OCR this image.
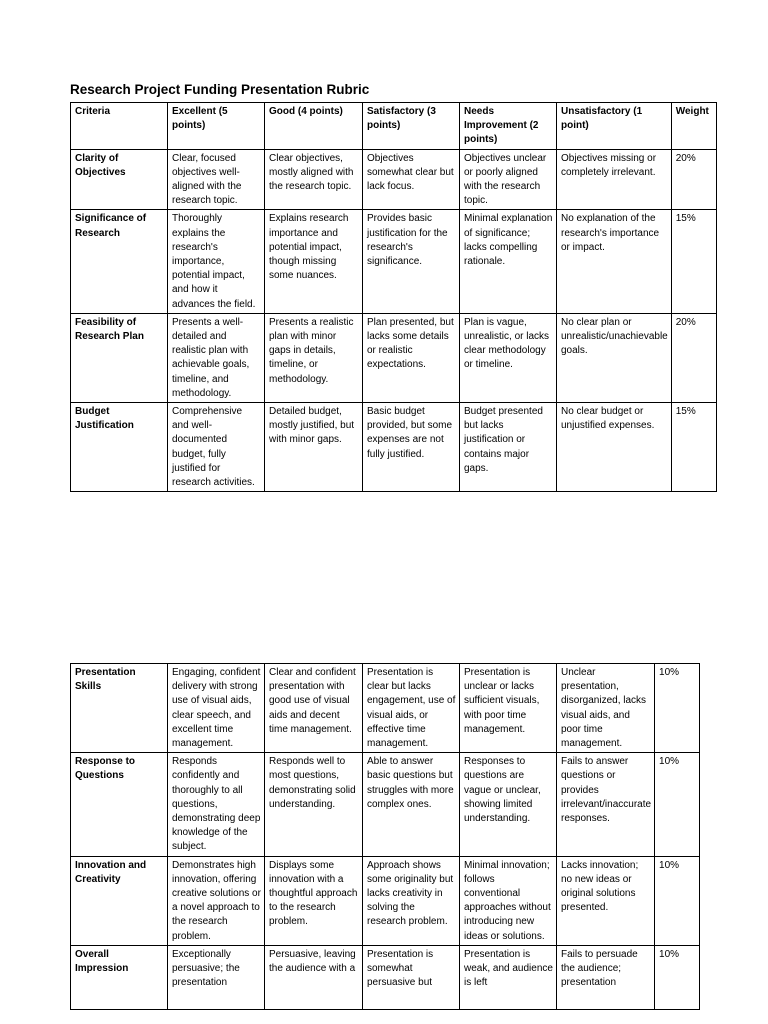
Research Project Funding Presentation Rubric
Criteria	Excellent (5 points)	Good (4 points)	Satisfactory (3 points)	Needs Improvement (2 points)	Unsatisfactory (1 point)	Weight
Clarity of Objectives	Clear, focused objectives well-aligned with the research topic.	Clear objectives, mostly aligned with the research topic.	Objectives somewhat clear but lack focus.	Objectives unclear or poorly aligned with the research topic.	Objectives missing or completely irrelevant.	20%
Significance of Research	Thoroughly explains the research's importance, potential impact, and how it advances the field.	Explains research importance and potential impact, though missing some nuances.	Provides basic justification for the research's significance.	Minimal explanation of significance; lacks compelling rationale.	No explanation of the research's importance or impact.	15%
Feasibility of Research Plan	Presents a well-detailed and realistic plan with achievable goals, timeline, and methodology.	Presents a realistic plan with minor gaps in details, timeline, or methodology.	Plan presented, but lacks some details or realistic expectations.	Plan is vague, unrealistic, or lacks clear methodology or timeline.	No clear plan or unrealistic/unachievable goals.	20%
Budget Justification	Comprehensive and well-documented budget, fully justified for research activities.	Detailed budget, mostly justified, but with minor gaps.	Basic budget provided, but some expenses are not fully justified.	Budget presented but lacks justification or contains major gaps.	No clear budget or unjustified expenses.	15%
Presentation Skills	Engaging, confident delivery with strong use of visual aids, clear speech, and excellent time management.	Clear and confident presentation with good use of visual aids and decent time management.	Presentation is clear but lacks engagement, use of visual aids, or effective time management.	Presentation is unclear or lacks sufficient visuals, with poor time management.	Unclear presentation, disorganized, lacks visual aids, and poor time management.	10%
Response to Questions	Responds confidently and thoroughly to all questions, demonstrating deep knowledge of the subject.	Responds well to most questions, demonstrating solid understanding.	Able to answer basic questions but struggles with more complex ones.	Responses to questions are vague or unclear, showing limited understanding.	Fails to answer questions or provides irrelevant/inaccurate responses.	10%
Innovation and Creativity	Demonstrates high innovation, offering creative solutions or a novel approach to the research problem.	Displays some innovation with a thoughtful approach to the research problem.	Approach shows some originality but lacks creativity in solving the research problem.	Minimal innovation; follows conventional approaches without introducing new ideas or solutions.	Lacks innovation; no new ideas or original solutions presented.	10%
Overall Impression	Exceptionally persuasive; the presentation	Persuasive, leaving the audience with a	Presentation is somewhat persuasive but	Presentation is weak, and audience is left	Fails to persuade the audience; presentation	10%
